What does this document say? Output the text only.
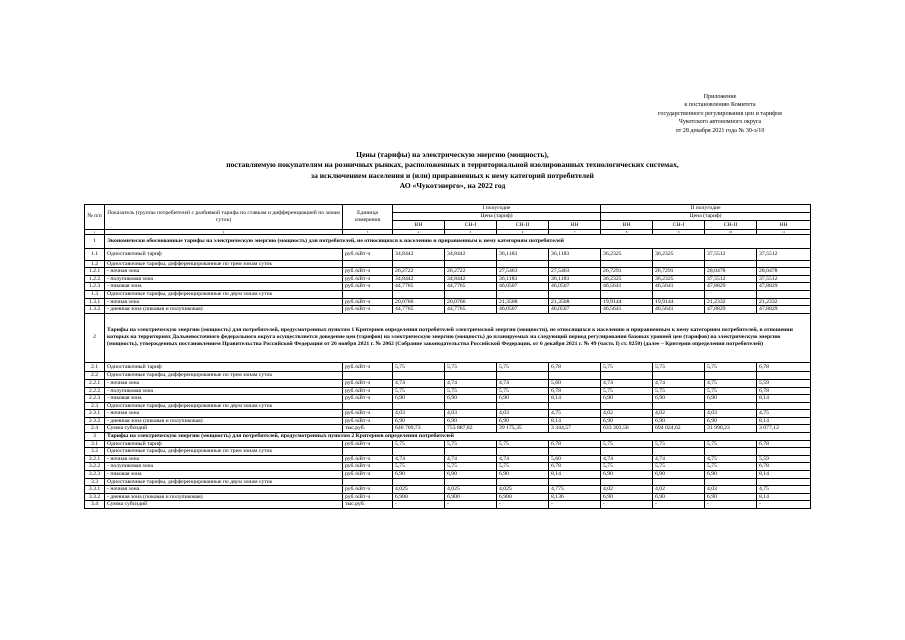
Приложение
к постановлению Комитета
государственного регулирования цен и тарифов
Чукотского автономного округа
от 28 декабря 2021 года № 30-э/10
Цены (тарифы) на электрическую энергию (мощность),
поставляемую покупателям на розничных рынках, расположенных в территориальной изолированных технологических системах,
за исключением населения и (или) приравненных к нему категорий потребителей
АО «Чукотэнерго», на 2022 год
№ п/п	Показатель (группы потребителей с разбивкой тарифа по ставкам и дифференциацией по зонам суток)	Единица измерения	I полугодие				II полугодие			
			Цена (тариф)				Цена (тариф)			
			ВН	СН-I	СН-II	НН	ВН	СН-I	СН-II	НН
1	2	3	4	5	6	7	8	9	10	11
1	Экономически обоснованные тарифы на электрическую энергию (мощность) для потребителей, не относящихся к населению и приравненным к нему категориям потребителей									
1.1	Одноставочный тариф	руб./кВт·ч	34,8442	34,8442	36,1183	36,1183	36,2325	36,2325	37,5512	37,5512
1.2	Одноставочные тарифы, дифференцированные по трем зонам суток									
1.2.1	- ночная зона	руб./кВт·ч	26,2722	26,2722	27,5463	27,5463	26,7291	26,7291	28,0478	28,0478
1.2.2	- полупиковая зона	руб./кВт·ч	34,8442	34,8442	36,1183	36,1183	36,2325	36,2325	37,5512	37,5512
1.2.3	- пиковая зона	руб./кВт·ч	44,7765	44,7765	46,0507	46,0507	46,5641	46,5641	47,8829	47,8829
1.3	Одноставочные тарифы, дифференцированные по двум зонам суток									
1.3.1	- ночная зона	руб./кВт·ч	20,0766	20,0766	21,3508	21,3508	19,9144	19,9144	21,2332	21,2332
1.3.2	- дневная зона (пиковая и полупиковая)	руб./кВт·ч	44,7765	44,7765	46,0507	46,0507	46,5641	46,5641	47,8829	47,8829
2	Тарифы на электрическую энергию (мощность) для потребителей, предусмотренных пунктом 1 Критериев определения потребителей электрической энергии (мощности), не относящихся к населению и приравненным к нему категориям потребителей, в отношении которых на территориях Дальневосточного федерального округа осуществляется доведение цен (тарифов) на электрическую энергию (мощность) до планируемых на следующий период регулирования базовых уровней цен (тарифов) на электрическую энергию (мощность), утвержденных постановлением Правительства Российской Федерации от 26 ноября 2021 г. № 2062 (Собрание законодательства Российской Федерации, от 6 декабря 2021 г. № 49 (часть I) ст. 8250) (далее – Критерии определения потребителей)									
2.1	Одноставочный тариф	руб./кВт·ч	5,75	5,75	5,75	6,78	5,75	5,75	5,75	6,78
2.2	Одноставочные тарифы, дифференцированные по трем зонам суток									
2.2.1	- ночная зона	руб./кВт·ч	4,74	4,74	4,74	5,60	4,74	4,74	4,75	5,59
2.2.2	- полупиковая зона	руб./кВт·ч	5,75	5,75	5,75	6,78	5,75	5,75	5,75	6,78
2.2.3	- пиковая зона	руб./кВт·ч	6,90	6,90	6,90	8,14	6,90	6,90	6,90	8,14
2.3	Одноставочные тарифы, дифференцированные по двум зонам суток									
2.3.1	- ночная зона	руб./кВт·ч	4,03	4,03	4,03	4,75	4,02	4,02	4,03	4,75
2.3.2	- дневная зона (пиковая и полупиковая)	руб./кВт·ч	6,90	6,90	6,90	8,14	6,90	6,90	6,90	8,14
2.4	Сумма субсидий	тыс.руб.	640 709,73	753 887,82	39 175,35	3 344,57	633 303,56	694 024,62	31 990,23	3 077,12
3	Тарифы на электрическую энергию (мощность) для потребителей, предусмотренных пунктом 2 Критериев определения потребителей									
3.1	Одноставочный тариф	руб./кВт·ч	5,75	5,75	5,75	6,78	5,75	5,75	5,75	6,78
3.2	Одноставочные тарифы, дифференцированные по трем зонам суток									
3.2.1	- ночная зона	руб./кВт·ч	4,74	4,74	4,74	5,60	4,74	4,74	4,75	5,59
3.2.2	- полупиковая зона	руб./кВт·ч	5,75	5,75	5,75	6,78	5,75	5,75	5,75	6,78
3.2.3	- пиковая зона	руб./кВт·ч	6,90	6,90	6,90	8,14	6,90	6,90	6,90	8,14
3.3	Одноставочные тарифы, дифференцированные по двум зонам суток									
3.3.1	- ночная зона	руб./кВт·ч	4,025	4,025	4,025	4,775	4,02	4,02	4,03	4,75
3.3.2	- дневная зона (пиковая и полупиковая)	руб./кВт·ч	6,900	6,900	6,900	8,136	6,90	6,90	6,90	8,14
3.4	Сумма субсидий	тыс.руб.	-	-	-	-	-	-	-	-
